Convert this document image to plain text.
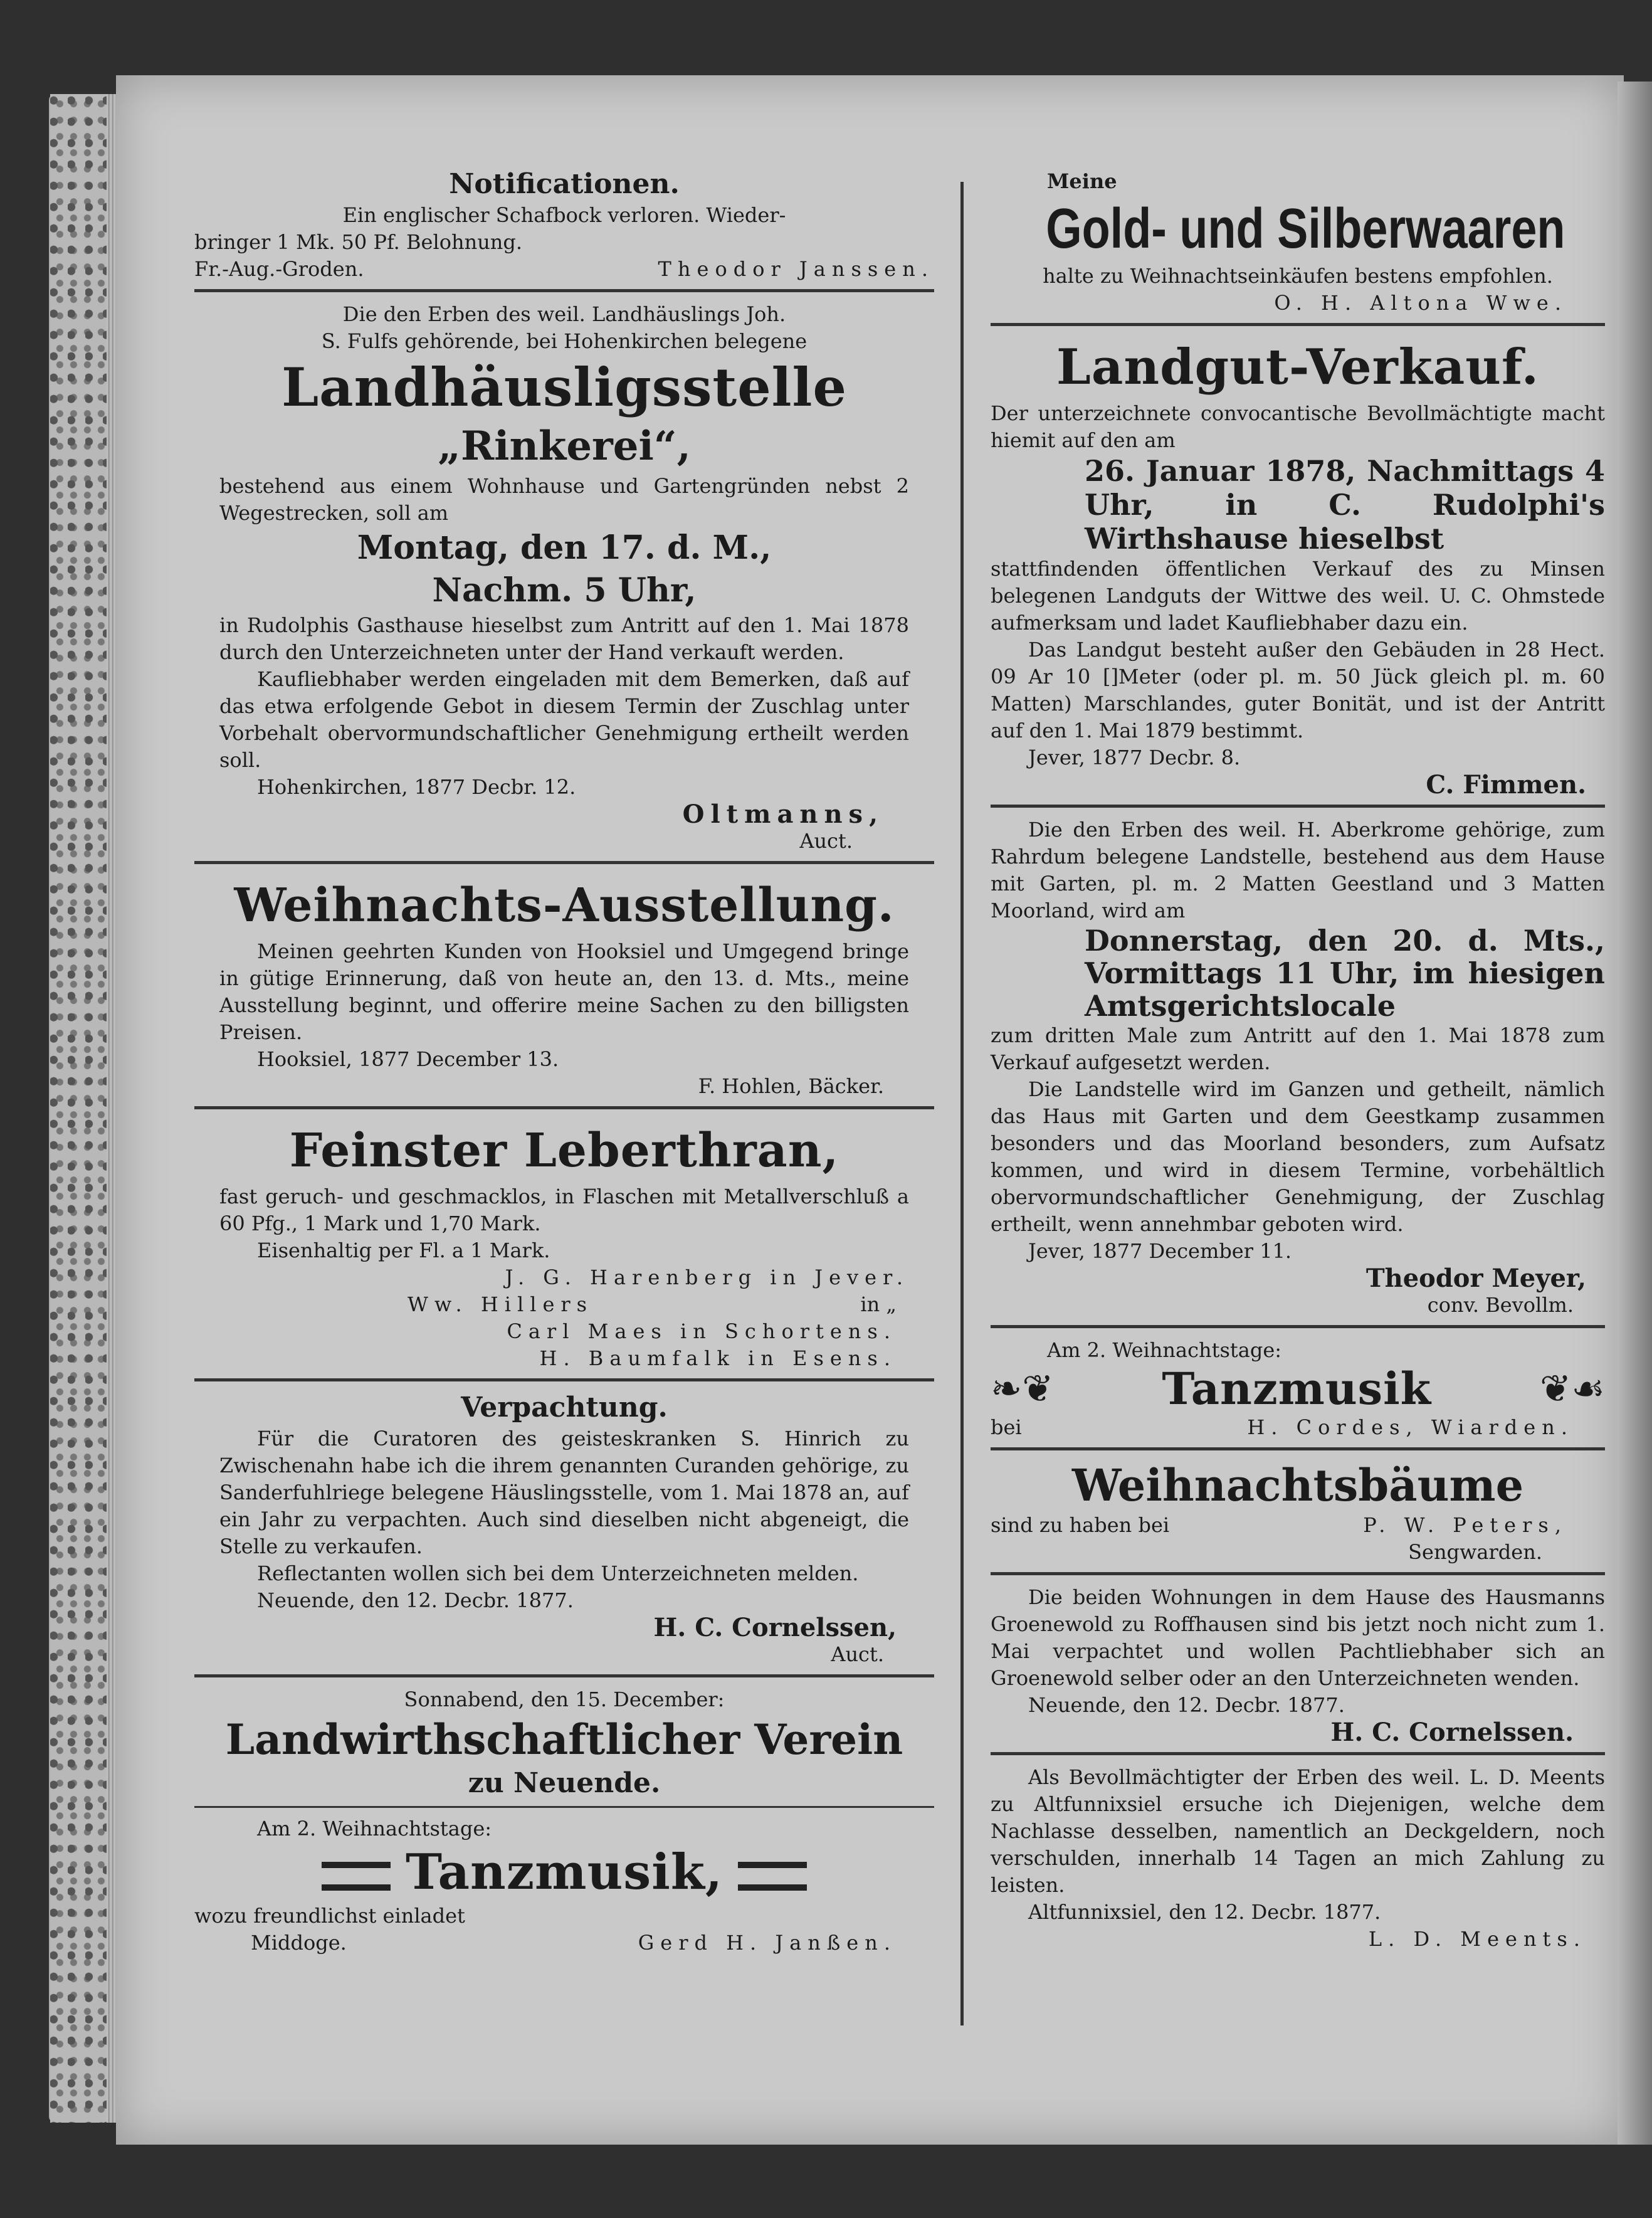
Notificationen.
Ein englischer Schafbock verloren. Wieder-
bringer 1 Mk. 50 Pf. Belohnung.
Fr.-Aug.-Groden.	Theodor Janssen.
Die den Erben des weil. Landhäuslings Joh.
S. Fulfs gehörende, bei Hohenkirchen belegene
Landhäusligsstelle
„Rinkerei“,
bestehend aus einem Wohnhause und Gartengründen nebst 2 Wegestrecken, soll am
Montag, den 17. d. M.,
Nachm. 5 Uhr,
in Rudolphis Gasthause hieselbst zum Antritt auf den 1. Mai 1878 durch den Unterzeichneten unter der Hand verkauft werden.
Kaufliebhaber werden eingeladen mit dem Bemerken, daß auf das etwa erfolgende Gebot in diesem Termin der Zuschlag unter Vorbehalt obervormundschaftlicher Genehmigung ertheilt werden soll.
Hohenkirchen, 1877 Decbr. 12.
Oltmanns,
Auct.
Weihnachts-Ausstellung.
Meinen geehrten Kunden von Hooksiel und Umgegend bringe in gütige Erinnerung, daß von heute an, den 13. d. Mts., meine Ausstellung beginnt, und offerire meine Sachen zu den billigsten Preisen.
Hooksiel, 1877 December 13.
F. Hohlen, Bäcker.
Feinster Leberthran,
fast geruch- und geschmacklos, in Flaschen mit Metallverschluß a 60 Pfg., 1 Mark und 1,70 Mark.
Eisenhaltig per Fl. a 1 Mark.
J. G. Harenberg in Jever.
Ww. Hillers	in „
Carl Maes in Schortens.
H. Baumfalk in Esens.
Verpachtung.
Für die Curatoren des geisteskranken S. Hinrich zu Zwischenahn habe ich die ihrem genannten Curanden gehörige, zu Sanderfuhlriege belegene Häuslingsstelle, vom 1. Mai 1878 an, auf ein Jahr zu verpachten. Auch sind dieselben nicht abgeneigt, die Stelle zu verkaufen.
Reflectanten wollen sich bei dem Unterzeichneten melden.
Neuende, den 12. Decbr. 1877.
H. C. Cornelssen,
Auct.
Sonnabend, den 15. December:
Landwirthschaftlicher Verein
zu Neuende.
Am 2. Weihnachtstage:
Tanzmusik,
wozu freundlichst einladet
Middoge.	Gerd H. Janßen.
Meine
Gold- und Silberwaaren
halte zu Weihnachtseinkäufen bestens empfohlen.
O. H. Altona Wwe.
Landgut-Verkauf.
Der unterzeichnete convocantische Bevollmächtigte macht hiemit auf den am
26. Januar 1878, Nachmittags 4 Uhr, in C. Rudolphi's Wirthshause hieselbst
stattfindenden öffentlichen Verkauf des zu Minsen belegenen Landguts der Wittwe des weil. U. C. Ohmstede aufmerksam und ladet Kaufliebhaber dazu ein.
Das Landgut besteht außer den Gebäuden in 28 Hect. 09 Ar 10 []Meter (oder pl. m. 50 Jück gleich pl. m. 60 Matten) Marschlandes, guter Bonität, und ist der Antritt auf den 1. Mai 1879 bestimmt.
Jever, 1877 Decbr. 8.
C. Fimmen.
Die den Erben des weil. H. Aberkrome gehörige, zum Rahrdum belegene Landstelle, bestehend aus dem Hause mit Garten, pl. m. 2 Matten Geestland und 3 Matten Moorland, wird am
Donnerstag, den 20. d. Mts., Vormittags 11 Uhr, im hiesigen Amtsgerichtslocale
zum dritten Male zum Antritt auf den 1. Mai 1878 zum Verkauf aufgesetzt werden.
Die Landstelle wird im Ganzen und getheilt, nämlich das Haus mit Garten und dem Geestkamp zusammen besonders und das Moorland besonders, zum Aufsatz kommen, und wird in diesem Termine, vorbehältlich obervormundschaftlicher Genehmigung, der Zuschlag ertheilt, wenn annehmbar geboten wird.
Jever, 1877 December 11.
Theodor Meyer,
conv. Bevollm.
Am 2. Weihnachtstage:
❧❦ Tanzmusik	❦☙
bei	H. Cordes, Wiarden.
Weihnachtsbäume
sind zu haben bei	P. W. Peters,
Sengwarden.
Die beiden Wohnungen in dem Hause des Hausmanns Groenewold zu Roffhausen sind bis jetzt noch nicht zum 1. Mai verpachtet und wollen Pachtliebhaber sich an Groenewold selber oder an den Unterzeichneten wenden.
Neuende, den 12. Decbr. 1877.
H. C. Cornelssen.
Als Bevollmächtigter der Erben des weil. L. D. Meents zu Altfunnixsiel ersuche ich Diejenigen, welche dem Nachlasse desselben, namentlich an Deckgeldern, noch verschulden, innerhalb 14 Tagen an mich Zahlung zu leisten.
Altfunnixsiel, den 12. Decbr. 1877.
L. D. Meents.
